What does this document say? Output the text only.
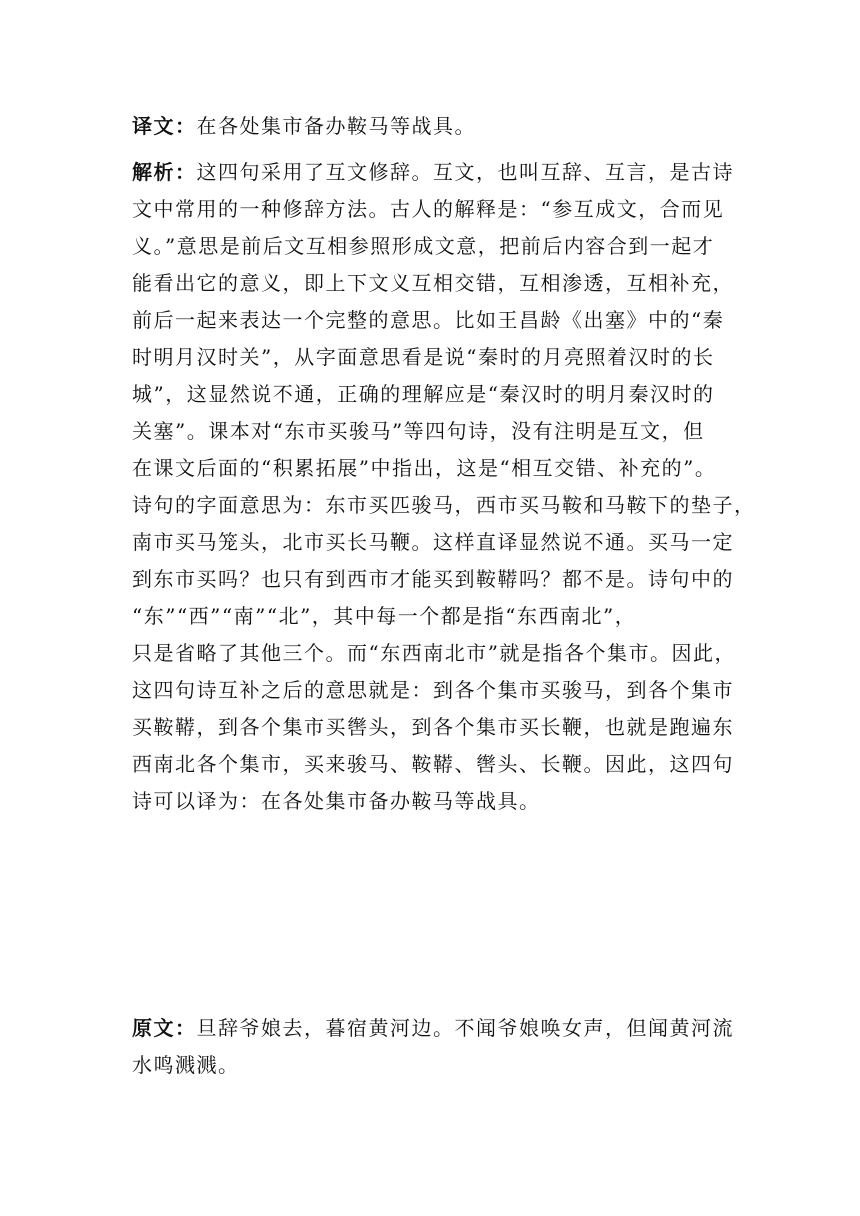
译文：在各处集市备办鞍马等战具。
解析：这四句采用了互文修辞。互文，也叫互辞、互言，是古诗
文中常用的一种修辞方法。古人的解释是：“参互成文，合而见
义。”意思是前后文互相参照形成文意，把前后内容合到一起才
能看出它的意义，即上下文义互相交错，互相渗透，互相补充，
前后一起来表达一个完整的意思。比如王昌龄《出塞》中的“秦
时明月汉时关”，从字面意思看是说“秦时的月亮照着汉时的长
城”，这显然说不通，正确的理解应是“秦汉时的明月秦汉时的
关塞”。课本对“东市买骏马”等四句诗，没有注明是互文，但
在课文后面的“积累拓展”中指出，这是“相互交错、补充的”。
诗句的字面意思为：东市买匹骏马，西市买马鞍和马鞍下的垫子，
南市买马笼头，北市买长马鞭。这样直译显然说不通。买马一定
到东市买吗？也只有到西市才能买到鞍鞯吗？都不是。诗句中的
“东”“西”“南”“北”，其中每一个都是指“东西南北”，
只是省略了其他三个。而“东西南北市”就是指各个集市。因此，
这四句诗互补之后的意思就是：到各个集市买骏马，到各个集市
买鞍鞯，到各个集市买辔头，到各个集市买长鞭，也就是跑遍东
西南北各个集市，买来骏马、鞍鞯、辔头、长鞭。因此，这四句
诗可以译为：在各处集市备办鞍马等战具。
原文：旦辞爷娘去，暮宿黄河边。不闻爷娘唤女声，但闻黄河流
水鸣溅溅。
